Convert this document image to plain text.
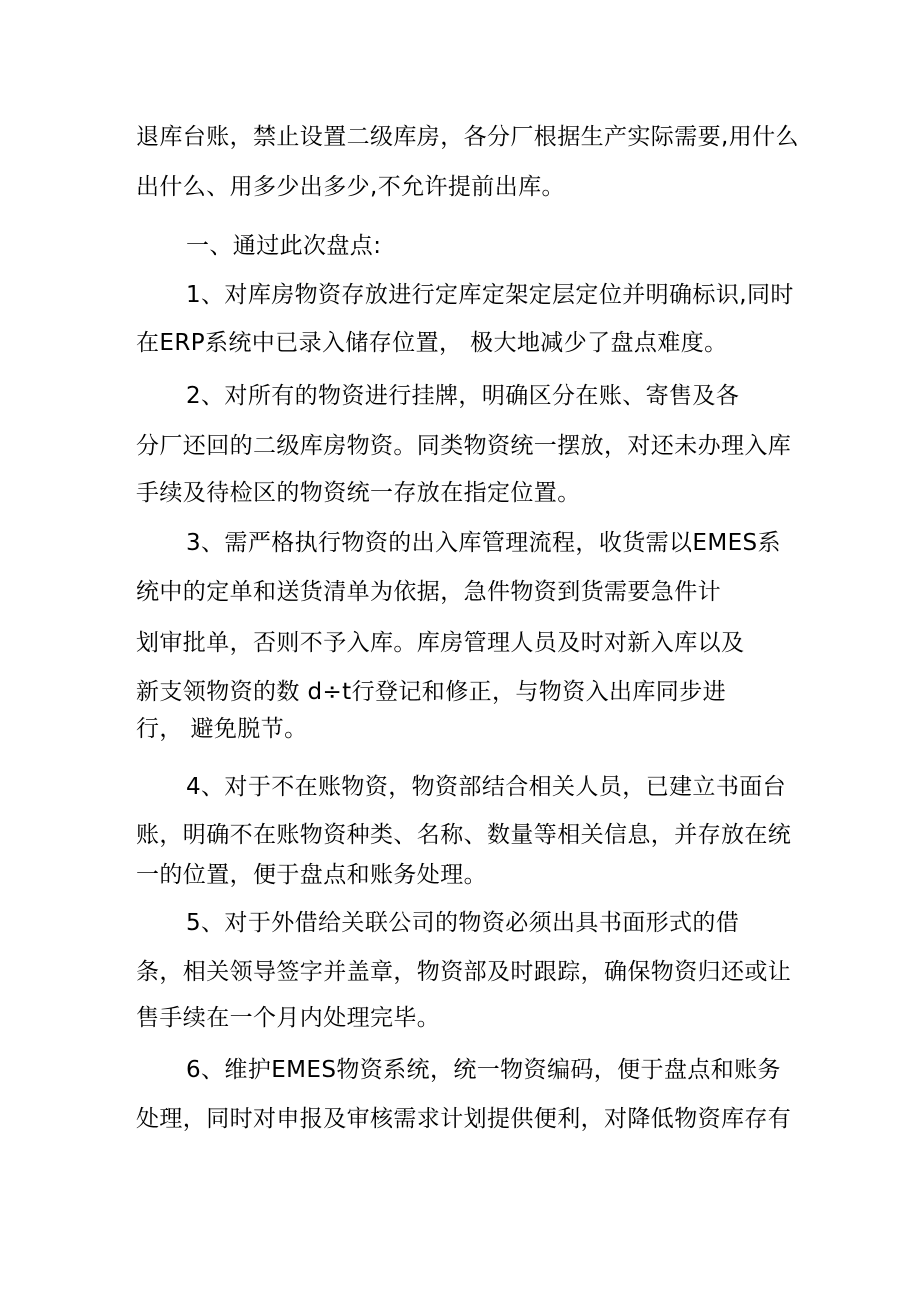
退库台账，禁止设置二级库房，各分厂根据生产实际需要,用什么
出什么、用多少出多少,不允许提前出库。
一、通过此次盘点:
1、对库房物资存放进行定库定架定层定位并明确标识,同时
在ERP系统中已录入储存位置， 极大地减少了盘点难度。
2、对所有的物资进行挂牌，明确区分在账、寄售及各
分厂还回的二级库房物资。同类物资统一摆放，对还未办理入库
手续及待检区的物资统一存放在指定位置。
3、需严格执行物资的出入库管理流程，收货需以EMES系
统中的定单和送货清单为依据，急件物资到货需要急件计
划审批单，否则不予入库。库房管理人员及时对新入库以及
新支领物资的数 d÷t行登记和修正，与物资入出库同步进
行， 避免脱节。
4、对于不在账物资，物资部结合相关人员，已建立书面台
账，明确不在账物资种类、名称、数量等相关信息，并存放在统
一的位置，便于盘点和账务处理。
5、对于外借给关联公司的物资必须出具书面形式的借
条，相关领导签字并盖章，物资部及时跟踪，确保物资归还或让
售手续在一个月内处理完毕。
6、维护EMES物资系统，统一物资编码，便于盘点和账务
处理，同时对申报及审核需求计划提供便利，对降低物资库存有
